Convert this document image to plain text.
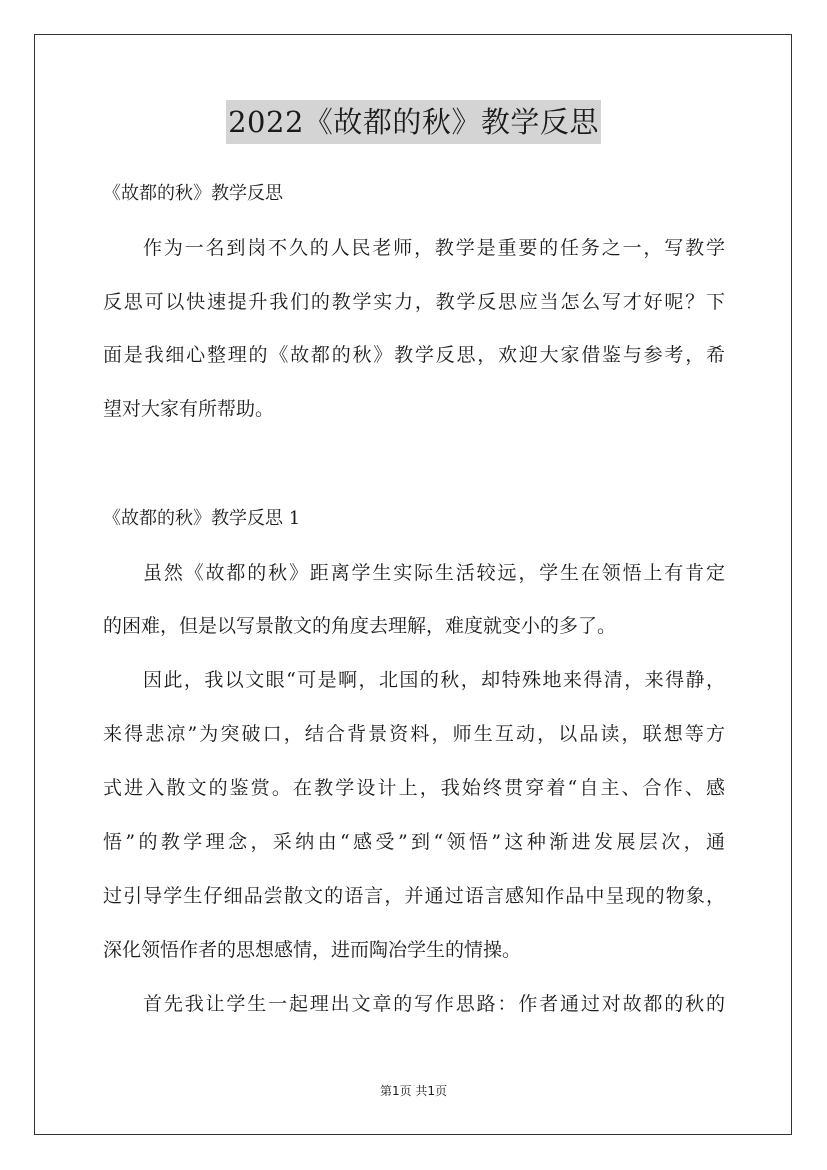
2022《故都的秋》教学反思
《故都的秋》教学反思
作为一名到岗不久的人民老师，教学是重要的任务之一，写教学
反思可以快速提升我们的教学实力，教学反思应当怎么写才好呢？下
面是我细心整理的《故都的秋》教学反思，欢迎大家借鉴与参考，希
望对大家有所帮助。
《故都的秋》教学反思 1
虽然《故都的秋》距离学生实际生活较远，学生在领悟上有肯定
的困难，但是以写景散文的角度去理解，难度就变小的多了。
因此，我以文眼“可是啊，北国的秋，却特殊地来得清，来得静，
来得悲凉”为突破口，结合背景资料，师生互动，以品读，联想等方
式进入散文的鉴赏。在教学设计上，我始终贯穿着“自主、合作、感
悟”的教学理念，采纳由“感受”到“领悟”这种渐进发展层次，通
过引导学生仔细品尝散文的语言，并通过语言感知作品中呈现的物象，
深化领悟作者的思想感情，进而陶冶学生的情操。
首先我让学生一起理出文章的写作思路：作者通过对故都的秋的
第1页 共1页
